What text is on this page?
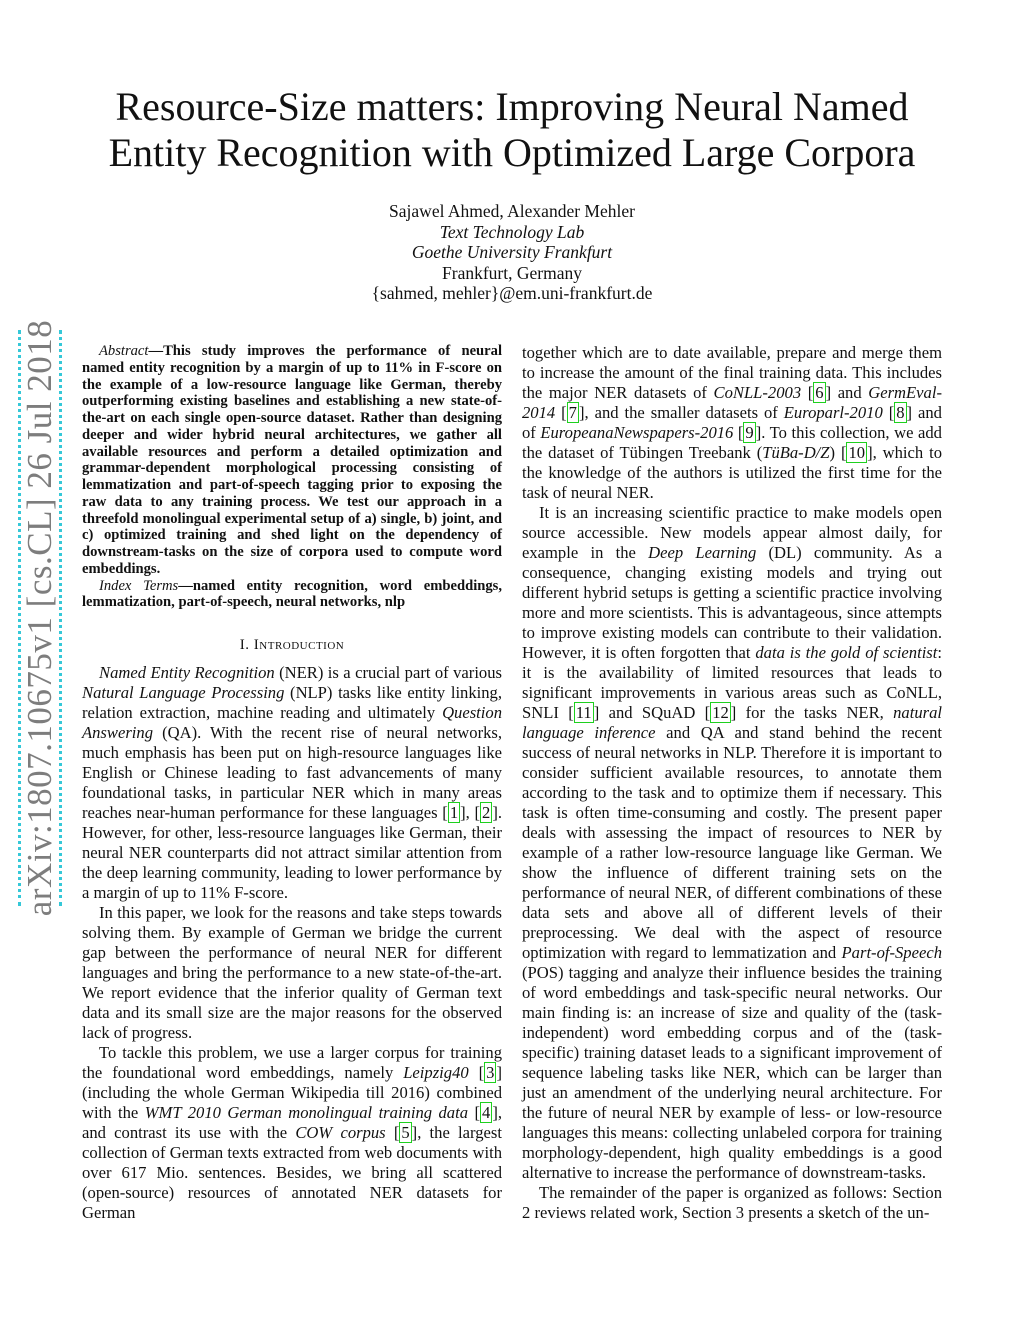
Resource-Size matters: Improving Neural Named
Entity Recognition with Optimized Large Corpora
Sajawel Ahmed, Alexander Mehler
Text Technology Lab
Goethe University Frankfurt
Frankfurt, Germany
{sahmed, mehler}@em.uni-frankfurt.de
arXiv:1807.10675v1 [cs.CL] 26 Jul 2018	Abstract—This study improves the performance of neural named entity recognition by a margin of up to 11% in F-score on the example of a low-resource language like German, thereby outperforming existing baselines and establishing a new state-of-the-art on each single open-source dataset. Rather than designing deeper and wider hybrid neural architectures, we gather all available resources and perform a detailed optimization and grammar-dependent morphological processing consisting of lemmatization and part-of-speech tagging prior to exposing the raw data to any training process. We test our approach in a threefold monolingual experimental setup of a) single, b) joint, and c) optimized training and shed light on the dependency of downstream-tasks on the size of corpora used to compute word embeddings.

Index Terms—named entity recognition, word embeddings, lemmatization, part-of-speech, neural networks, nlp

I. Introduction

Named Entity Recognition (NER) is a crucial part of various Natural Language Processing (NLP) tasks like entity linking, relation extraction, machine reading and ultimately Question Answering (QA). With the recent rise of neural networks, much emphasis has been put on high-resource languages like English or Chinese leading to fast advancements of many foundational tasks, in particular NER which in many areas reaches near-human performance for these languages [ 1 ], [ 2 ]. However, for other, less-resource languages like German, their neural NER counterparts did not attract similar attention from the deep learning community, leading to lower performance by a margin of up to 11% F-score.

In this paper, we look for the reasons and take steps towards solving them. By example of German we bridge the current gap between the performance of neural NER for different languages and bring the performance to a new state-of-the-art. We report evidence that the inferior quality of German text data and its small size are the major reasons for the observed lack of progress.

To tackle this problem, we use a larger corpus for training the foundational word embeddings, namely Leipzig40 [ 3 ] (including the whole German Wikipedia till 2016) combined with the WMT 2010 German monolingual training data [ 4 ], and contrast its use with the COW corpus [ 5 ], the largest collection of German texts extracted from web documents with over 617 Mio. sentences. Besides, we bring all scattered (open-source) resources of annotated NER datasets for German

together which are to date available, prepare and merge them to increase the amount of the final training data. This includes the major NER datasets of CoNLL-2003 [ 6 ] and GermEval-2014 [ 7 ], and the smaller datasets of Europarl-2010 [ 8 ] and of EuropeanaNewspapers-2016 [ 9 ]. To this collection, we add the dataset of Tübingen Treebank (TüBa-D/Z) [ 10 ], which to the knowledge of the authors is utilized the first time for the task of neural NER.

It is an increasing scientific practice to make models open source accessible. New models appear almost daily, for example in the Deep Learning (DL) community. As a consequence, changing existing models and trying out different hybrid setups is getting a scientific practice involving more and more scientists. This is advantageous, since attempts to improve existing models can contribute to their validation. However, it is often forgotten that data is the gold of scientist: it is the availability of limited resources that leads to significant improvements in various areas such as CoNLL, SNLI [ 11 ] and SQuAD [ 12 ] for the tasks NER, natural language inference and QA and stand behind the recent success of neural networks in NLP. Therefore it is important to consider sufficient available resources, to annotate them according to the task and to optimize them if necessary. This task is often time-consuming and costly. The present paper deals with assessing the impact of resources to NER by example of a rather low-resource language like German. We show the influence of different training sets on the performance of neural NER, of different combinations of these data sets and above all of different levels of their preprocessing. We deal with the aspect of resource optimization with regard to lemmatization and Part-of-Speech (POS) tagging and analyze their influence besides the training of word embeddings and task-specific neural networks. Our main finding is: an increase of size and quality of the (task-independent) word embedding corpus and of the (task-specific) training dataset leads to a significant improvement of sequence labeling tasks like NER, which can be larger than just an amendment of the underlying neural architecture. For the future of neural NER by example of less- or low-resource languages this means: collecting unlabeled corpora for training morphology-dependent, high quality embeddings is a good alternative to increase the performance of downstream-tasks.

The remainder of the paper is organized as follows: Section 2 reviews related work, Section 3 presents a sketch of the un-
